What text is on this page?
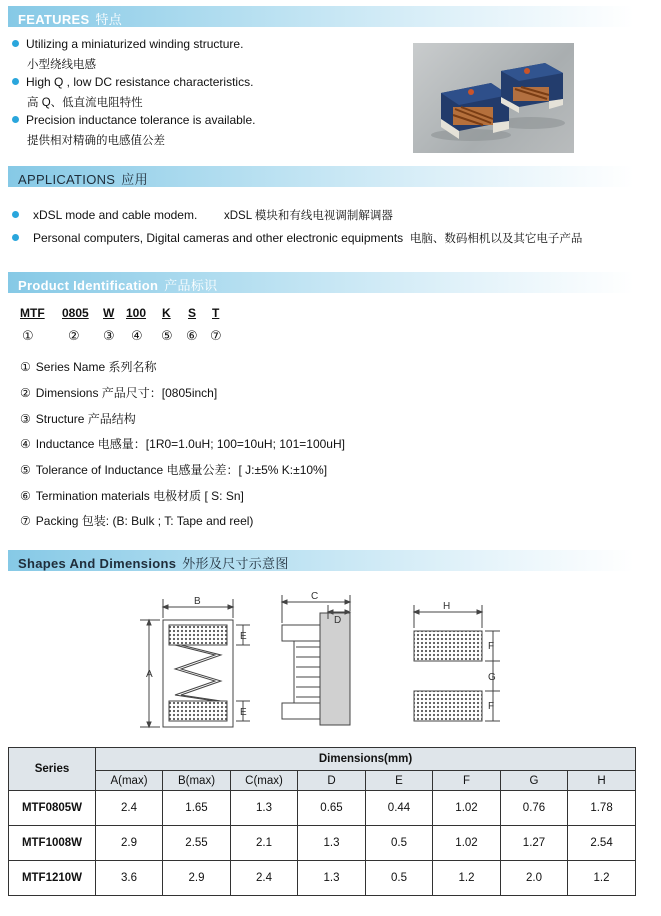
FEATURES 特点
Utilizing a miniaturized winding structure.
小型绕线电感
High Q , low DC resistance characteristics.
高 Q、低直流电阻特性
Precision inductance tolerance is available.
提供相对精确的电感值公差
APPLICATIONS 应用
xDSL mode and cable modem. xDSL 模块和有线电视调制解调器
Personal computers, Digital cameras and other electronic equipments 电脑、数码相机以及其它电子产品
Product Identification 产品标识
MTF 0805 W 100 K S T
①	② ③ ④ ⑤ ⑥ ⑦
① Series Name 系列名称
② Dimensions 产品尺寸：[0805inch]
③ Structure 产品结构
④ Inductance 电感量：[1R0=1.0uH; 100=10uH; 101=100uH]
⑤ Tolerance of Inductance 电感量公差：[ J:±5% K:±10%]
⑥ Termination materials 电极材质 [ S: Sn]
⑦ Packing 包装: (B: Bulk ; T: Tape and reel)
Shapes And Dimensions 外形及尺寸示意图
B
A
E
E
C
D
H
F
G
F
Series	Dimensions(mm)							
	A(max)	B(max)	C(max)	D	E	F	G	H
MTF0805W	2.4	1.65	1.3	0.65	0.44	1.02	0.76	1.78
MTF1008W	2.9	2.55	2.1	1.3	0.5	1.02	1.27	2.54
MTF1210W	3.6	2.9	2.4	1.3	0.5	1.2	2.0	1.2
